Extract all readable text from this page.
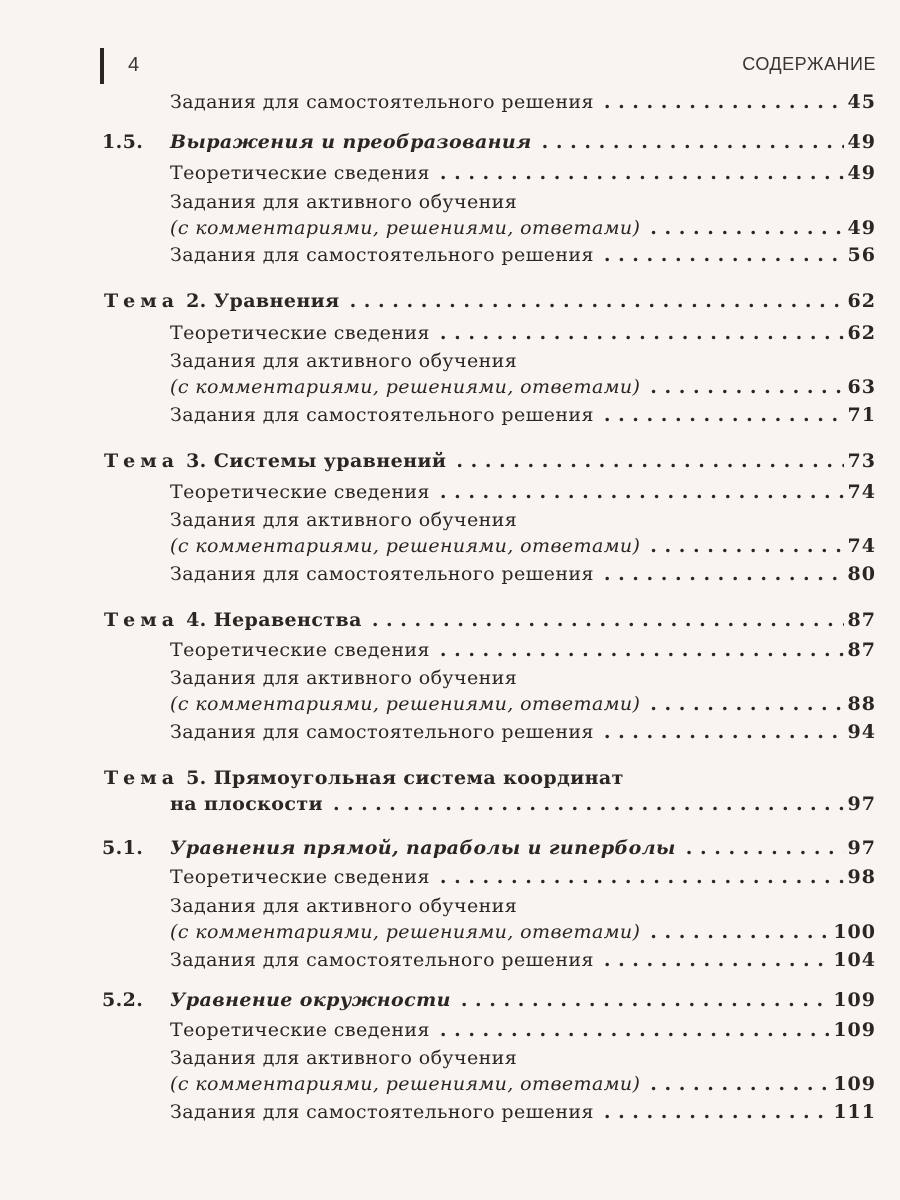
4	СОДЕРЖАНИЕ
Задания для самостоятельного решения . . .	45
1.5. Выражения и преобразования . . .	49
Теоретические сведения . . .	49
Задания для активного обучения
(с комментариями, решениями, ответами) . . .	49
Задания для самостоятельного решения . . .	56
Тема 2. Уравнения . . .	62
Теоретические сведения . . .	62
Задания для активного обучения
(с комментариями, решениями, ответами) . . .	63
Задания для самостоятельного решения . . .	71
Тема 3. Системы уравнений . . .	73
Теоретические сведения . . .	74
Задания для активного обучения
(с комментариями, решениями, ответами) . . .	74
Задания для самостоятельного решения . . .	80
Тема 4. Неравенства . . .	87
Теоретические сведения . . .	87
Задания для активного обучения
(с комментариями, решениями, ответами) . . .	88
Задания для самостоятельного решения . . .	94
Тема 5. Прямоугольная система координат
на плоскости . . .	97
5.1. Уравнения прямой, параболы и гиперболы . . .	97
Теоретические сведения . . .	98
Задания для активного обучения
(с комментариями, решениями, ответами) . . .	100
Задания для самостоятельного решения . . .	104
5.2. Уравнение окружности . . .	109
Теоретические сведения . . .	109
Задания для активного обучения
(с комментариями, решениями, ответами) . . .	109
Задания для самостоятельного решения . . .	111
